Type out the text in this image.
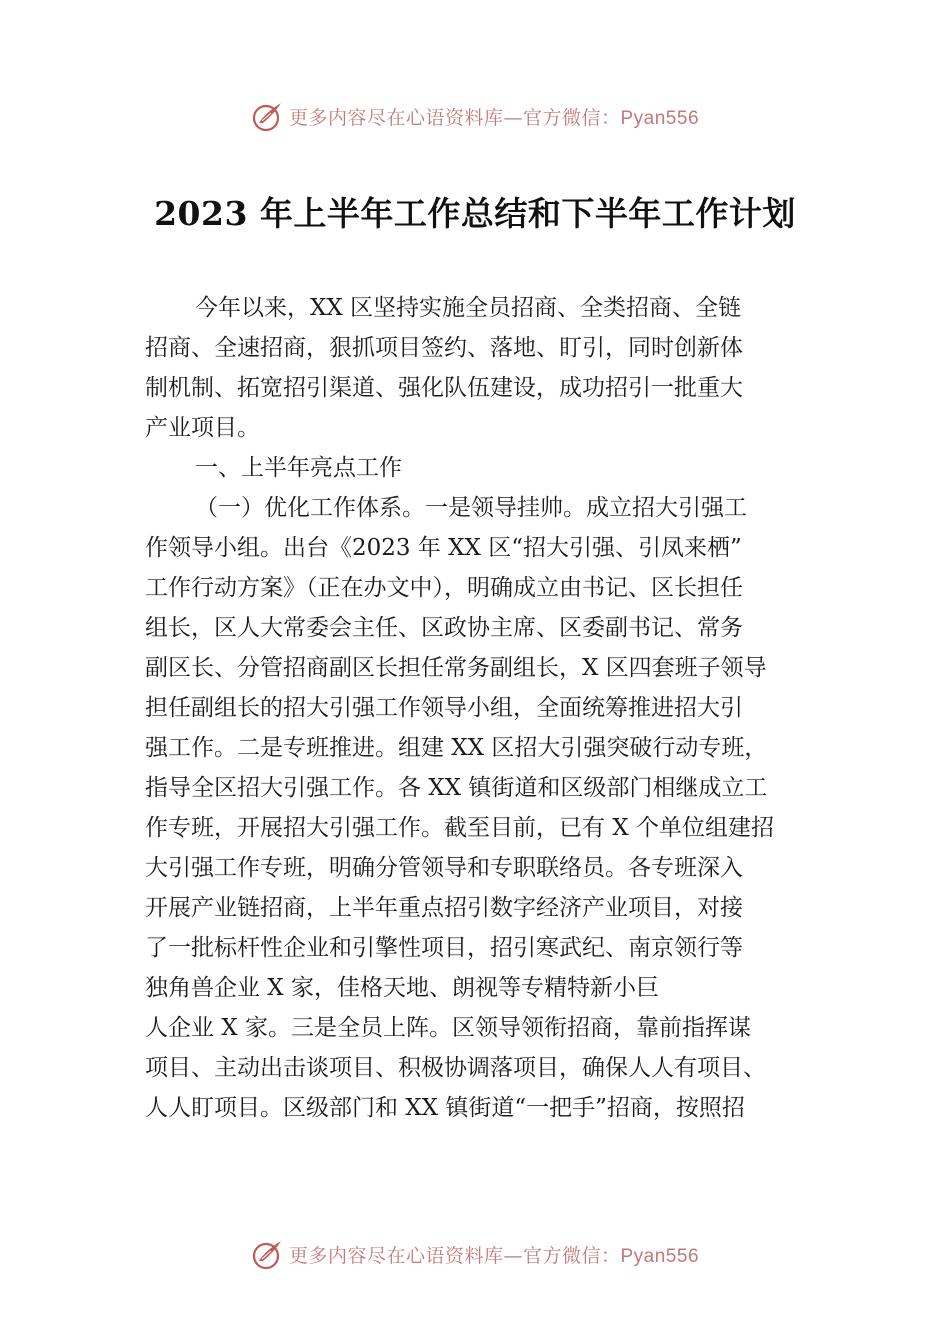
更多内容尽在心语资料库—官方微信：Pyan556
2023 年上半年工作总结和下半年工作计划
今年以来，XX 区坚持实施全员招商、全类招商、全链
招商、全速招商，狠抓项目签约、落地、盯引，同时创新体
制机制、拓宽招引渠道、强化队伍建设，成功招引一批重大
产业项目。
一、上半年亮点工作
（一）优化工作体系。一是领导挂帅。成立招大引强工
作领导小组。出台《2023 年 XX 区“招大引强、引凤来栖”
工作行动方案》（正在办文中），明确成立由书记、区长担任
组长，区人大常委会主任、区政协主席、区委副书记、常务
副区长、分管招商副区长担任常务副组长，X 区四套班子领导
担任副组长的招大引强工作领导小组，全面统筹推进招大引
强工作。二是专班推进。组建 XX 区招大引强突破行动专班，
指导全区招大引强工作。各 XX 镇街道和区级部门相继成立工
作专班，开展招大引强工作。截至目前，已有 X 个单位组建招
大引强工作专班，明确分管领导和专职联络员。各专班深入
开展产业链招商，上半年重点招引数字经济产业项目，对接
了一批标杆性企业和引擎性项目，招引寒武纪、南京领行等
独角兽企业 X 家，佳格天地、朗视等专精特新小巨
人企业 X 家。三是全员上阵。区领导领衔招商，靠前指挥谋
项目、主动出击谈项目、积极协调落项目，确保人人有项目、
人人盯项目。区级部门和 XX 镇街道“一把手”招商，按照招
更多内容尽在心语资料库—官方微信：Pyan556
